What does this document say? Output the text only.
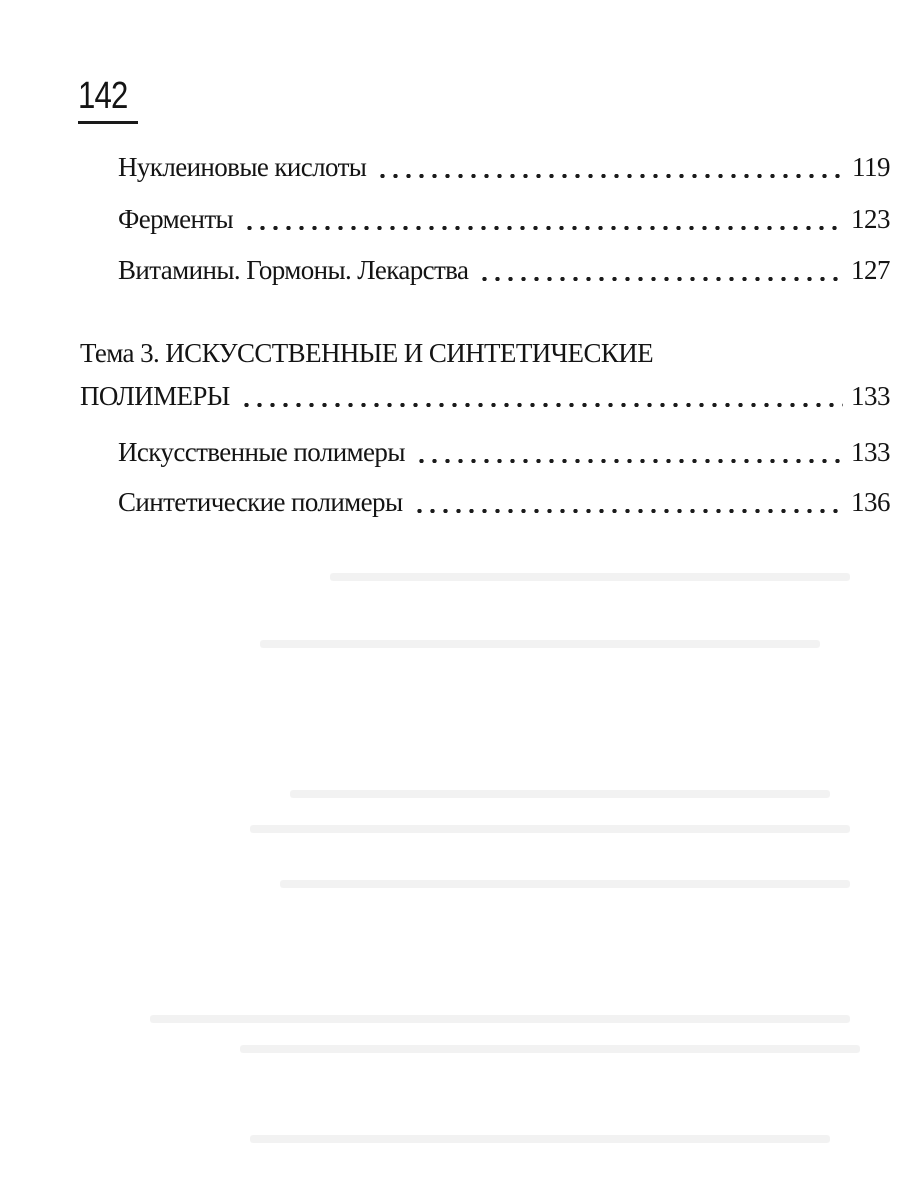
142
Нуклеиновые кислоты	119
Ферменты	123
Витамины. Гормоны. Лекарства	127
Тема 3. ИСКУССТВЕННЫЕ И СИНТЕТИЧЕСКИЕ
ПОЛИМЕРЫ	133
Искусственные полимеры	133
Синтетические полимеры	136
